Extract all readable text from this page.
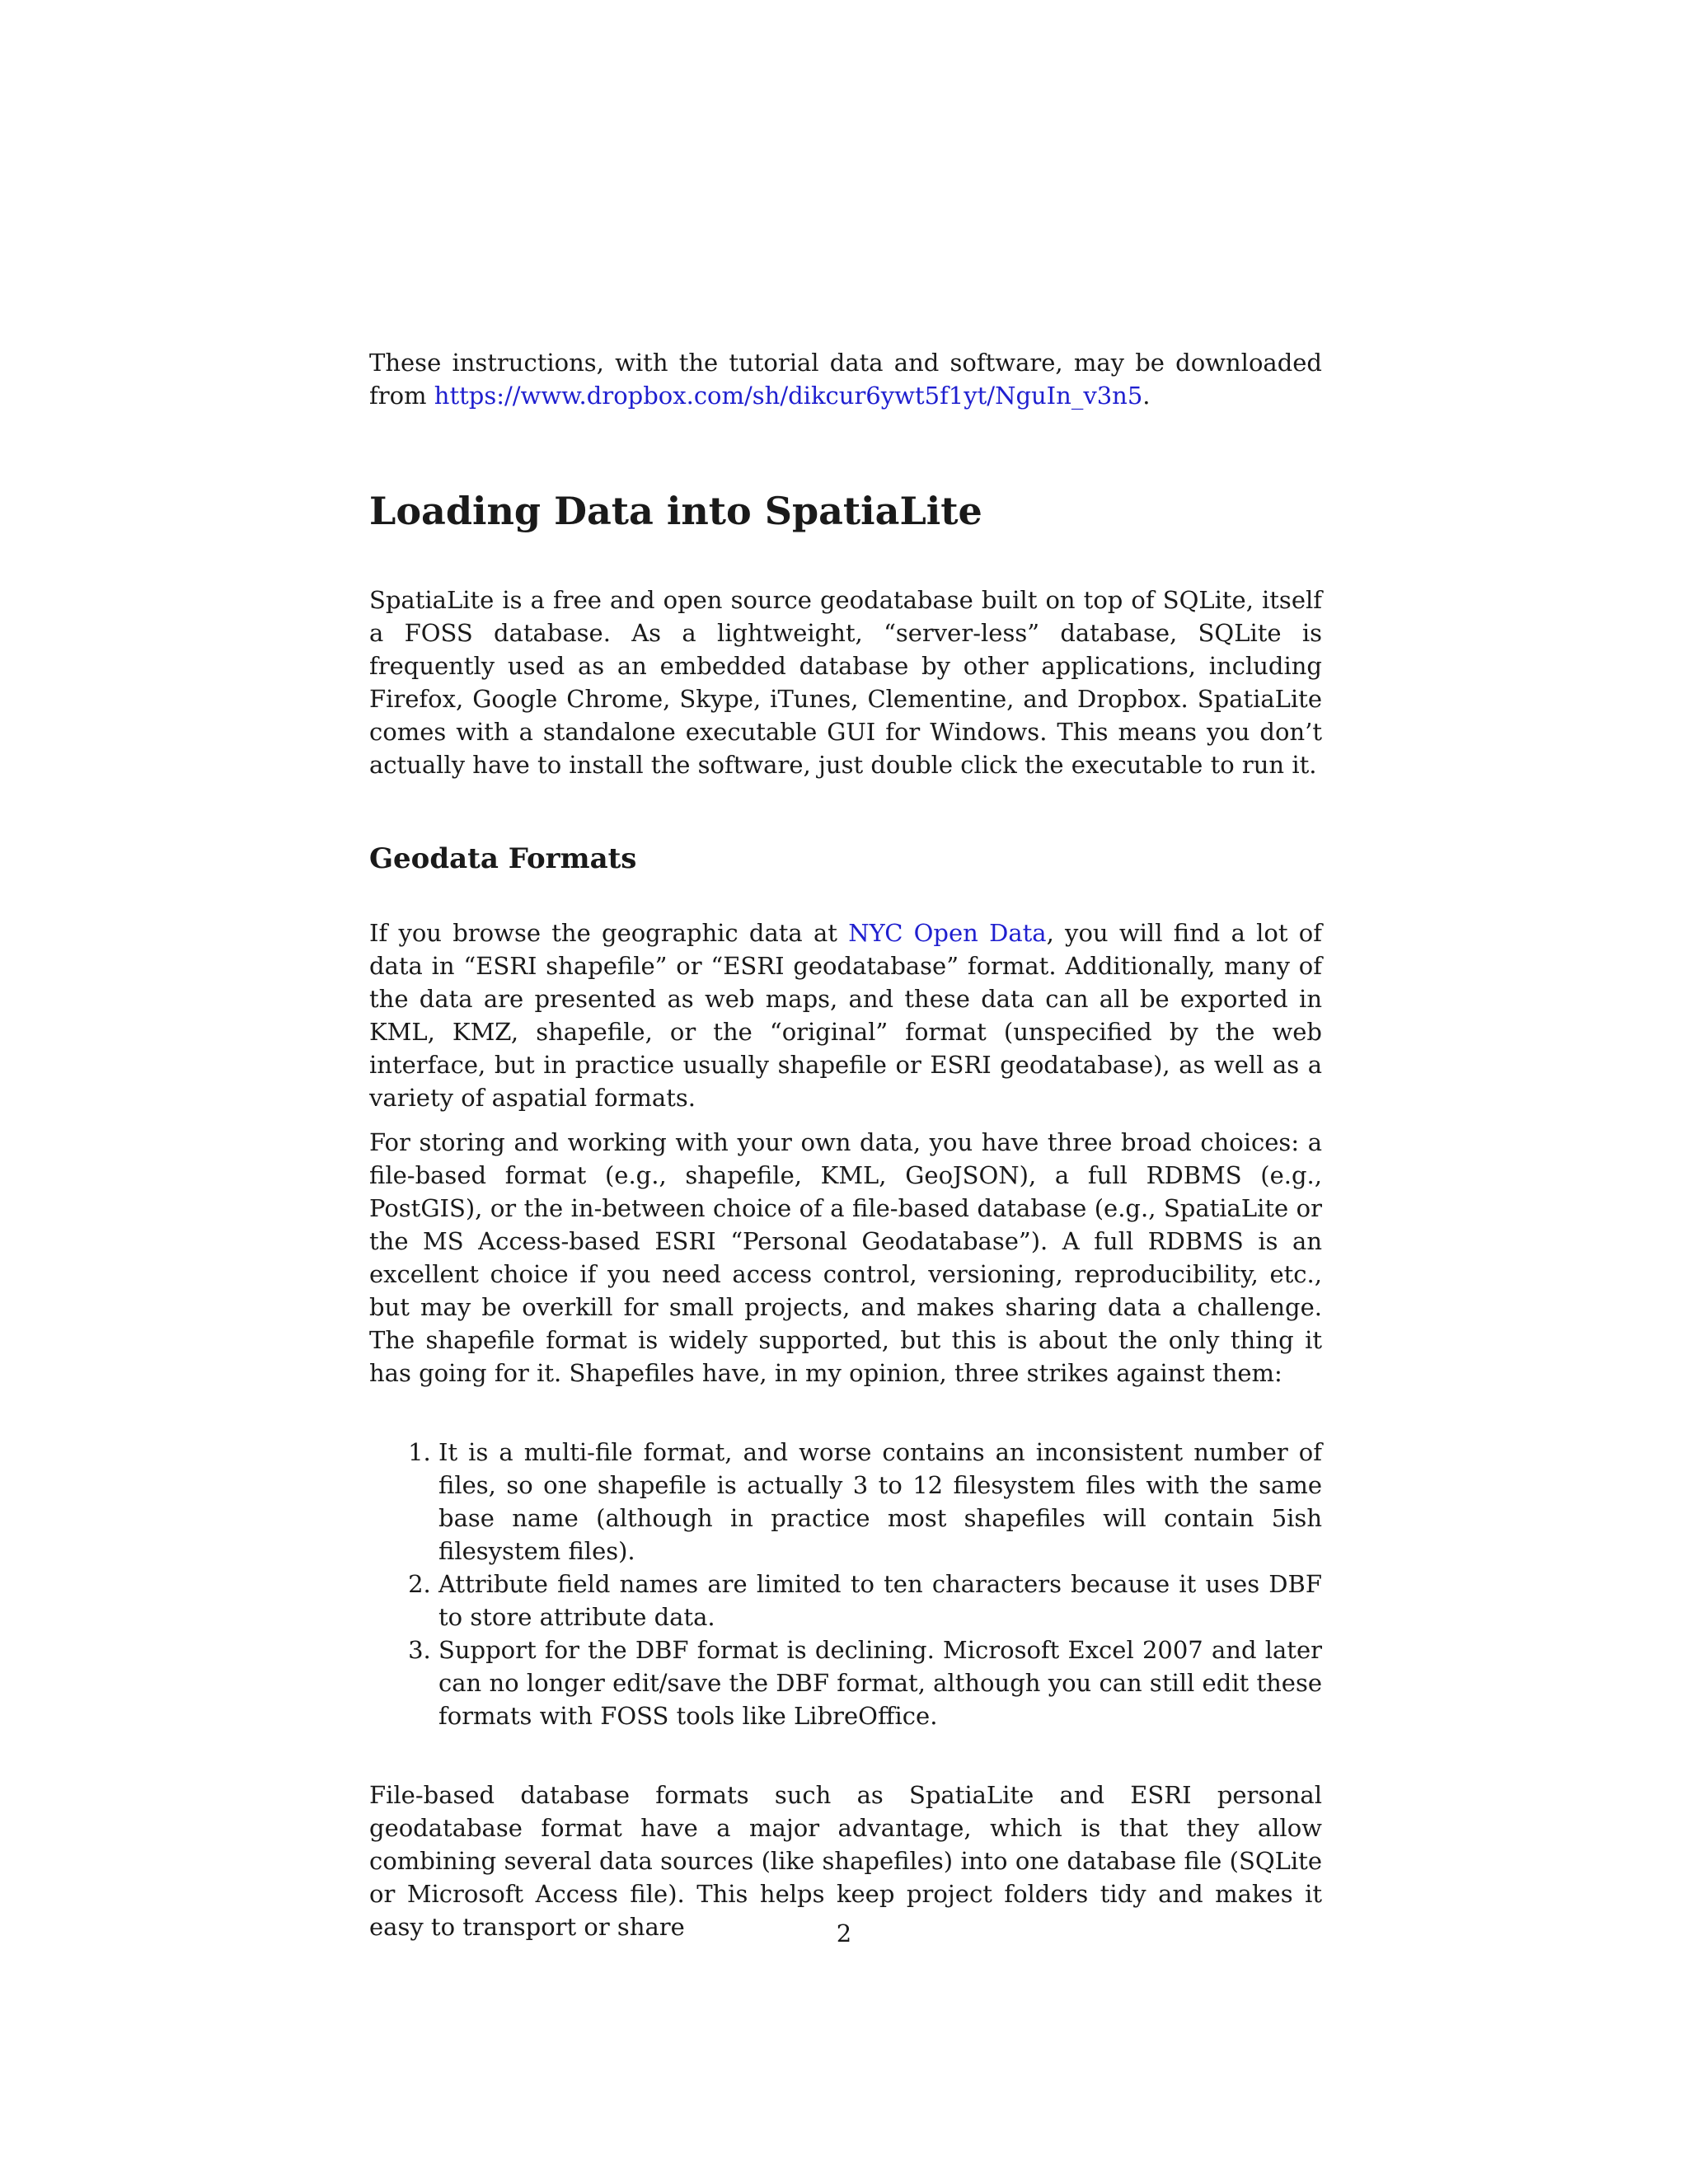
These instructions, with the tutorial data and software, may be downloaded from https://www.dropbox.com/sh/dikcur6ywt5f1yt/NguIn_v3n5.

Loading Data into SpatiaLite

SpatiaLite is a free and open source geodatabase built on top of SQLite, itself a FOSS database. As a lightweight, “server-less” database, SQLite is frequently used as an embedded database by other applications, including Firefox, Google Chrome, Skype, iTunes, Clementine, and Dropbox. SpatiaLite comes with a standalone executable GUI for Windows. This means you don’t actually have to install the software, just double click the executable to run it.

Geodata Formats

If you browse the geographic data at NYC Open Data, you will find a lot of data in “ESRI shapefile” or “ESRI geodatabase” format. Additionally, many of the data are presented as web maps, and these data can all be exported in KML, KMZ, shapefile, or the “original” format (unspecified by the web interface, but in practice usually shapefile or ESRI geodatabase), as well as a variety of aspatial formats.

For storing and working with your own data, you have three broad choices: a file-based format (e.g., shapefile, KML, GeoJSON), a full RDBMS (e.g., PostGIS), or the in-between choice of a file-based database (e.g., SpatiaLite or the MS Access-based ESRI “Personal Geodatabase”). A full RDBMS is an excellent choice if you need access control, versioning, reproducibility, etc., but may be overkill for small projects, and makes sharing data a challenge. The shapefile format is widely supported, but this is about the only thing it has going for it. Shapefiles have, in my opinion, three strikes against them:

1. It is a multi-file format, and worse contains an inconsistent number of files, so one shapefile is actually 3 to 12 filesystem files with the same base name (although in practice most shapefiles will contain 5ish filesystem files).
2. Attribute field names are limited to ten characters because it uses DBF to store attribute data.
3. Support for the DBF format is declining. Microsoft Excel 2007 and later can no longer edit/save the DBF format, although you can still edit these formats with FOSS tools like LibreOffice.

File-based database formats such as SpatiaLite and ESRI personal geodatabase format have a major advantage, which is that they allow combining several data sources (like shapefiles) into one database file (SQLite or Microsoft Access file). This helps keep project folders tidy and makes it easy to transport or share	2
